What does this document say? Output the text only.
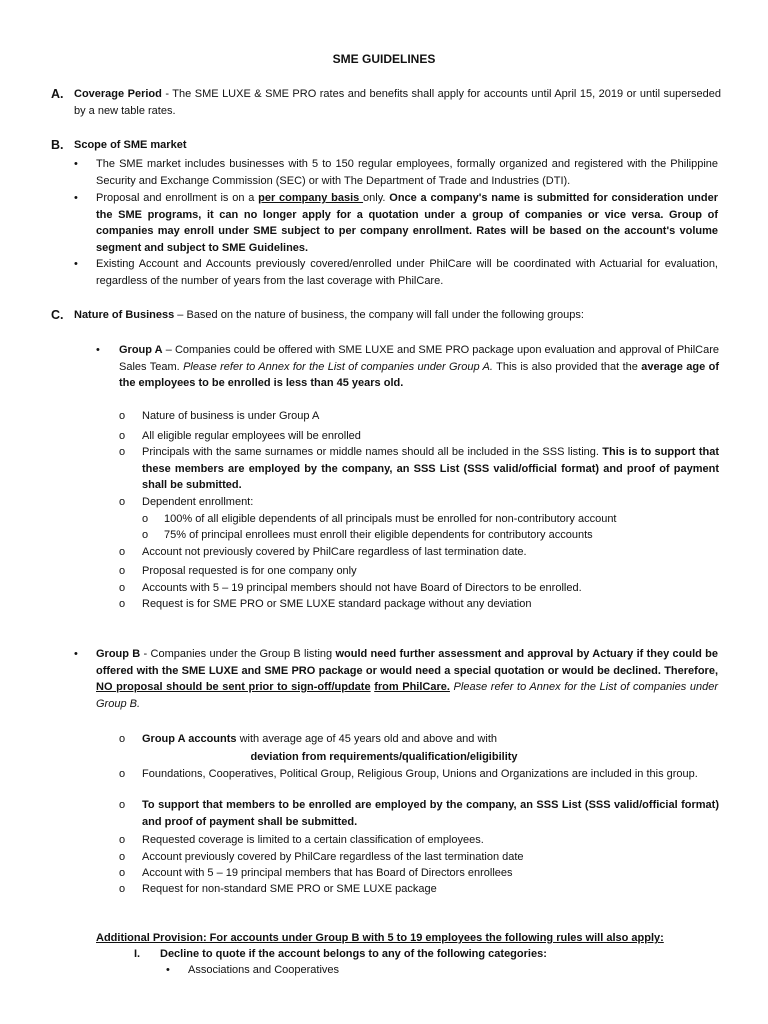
SME GUIDELINES
A. Coverage Period - The SME LUXE & SME PRO rates and benefits shall apply for accounts until April 15, 2019 or until superseded by a new table rates.
B. Scope of SME market
• The SME market includes businesses with 5 to 150 regular employees, formally organized and registered with the Philippine Security and Exchange Commission (SEC) or with The Department of Trade and Industries (DTI).
• Proposal and enrollment is on a per company basis only. Once a company's name is submitted for consideration under the SME programs, it can no longer apply for a quotation under a group of companies or vice versa. Group of companies may enroll under SME subject to per company enrollment. Rates will be based on the account's volume segment and subject to SME Guidelines.
• Existing Account and Accounts previously covered/enrolled under PhilCare will be coordinated with Actuarial for evaluation, regardless of the number of years from the last coverage with PhilCare.
C. Nature of Business – Based on the nature of business, the company will fall under the following groups:
• Group A – Companies could be offered with SME LUXE and SME PRO package upon evaluation and approval of PhilCare Sales Team. Please refer to Annex for the List of companies under Group A. This is also provided that the average age of the employees to be enrolled is less than 45 years old.
o Nature of business is under Group A
o All eligible regular employees will be enrolled
o Principals with the same surnames or middle names should all be included in the SSS listing. This is to support that these members are employed by the company, an SSS List (SSS valid/official format) and proof of payment shall be submitted.
o Dependent enrollment:
o 100% of all eligible dependents of all principals must be enrolled for non-contributory account
o 75% of principal enrollees must enroll their eligible dependents for contributory accounts
o Account not previously covered by PhilCare regardless of last termination date.
o Proposal requested is for one company only
o Accounts with 5 – 19 principal members should not have Board of Directors to be enrolled.
o Request is for SME PRO or SME LUXE standard package without any deviation
• Group B - Companies under the Group B listing would need further assessment and approval by Actuary if they could be offered with the SME LUXE and SME PRO package or would need a special quotation or would be declined. Therefore, NO proposal should be sent prior to sign-off/update from PhilCare. Please refer to Annex for the List of companies under Group B.
o Group A accounts with average age of 45 years old and above and with
deviation from requirements/qualification/eligibility
o Foundations, Cooperatives, Political Group, Religious Group, Unions and Organizations are included in this group.
o To support that members to be enrolled are employed by the company, an SSS List (SSS valid/official format) and proof of payment shall be submitted.
o Requested coverage is limited to a certain classification of employees.
o Account previously covered by PhilCare regardless of the last termination date
o Account with 5 – 19 principal members that has Board of Directors enrollees
o Request for non-standard SME PRO or SME LUXE package
Additional Provision: For accounts under Group B with 5 to 19 employees the following rules will also apply:
I. Decline to quote if the account belongs to any of the following categories:
• Associations and Cooperatives
